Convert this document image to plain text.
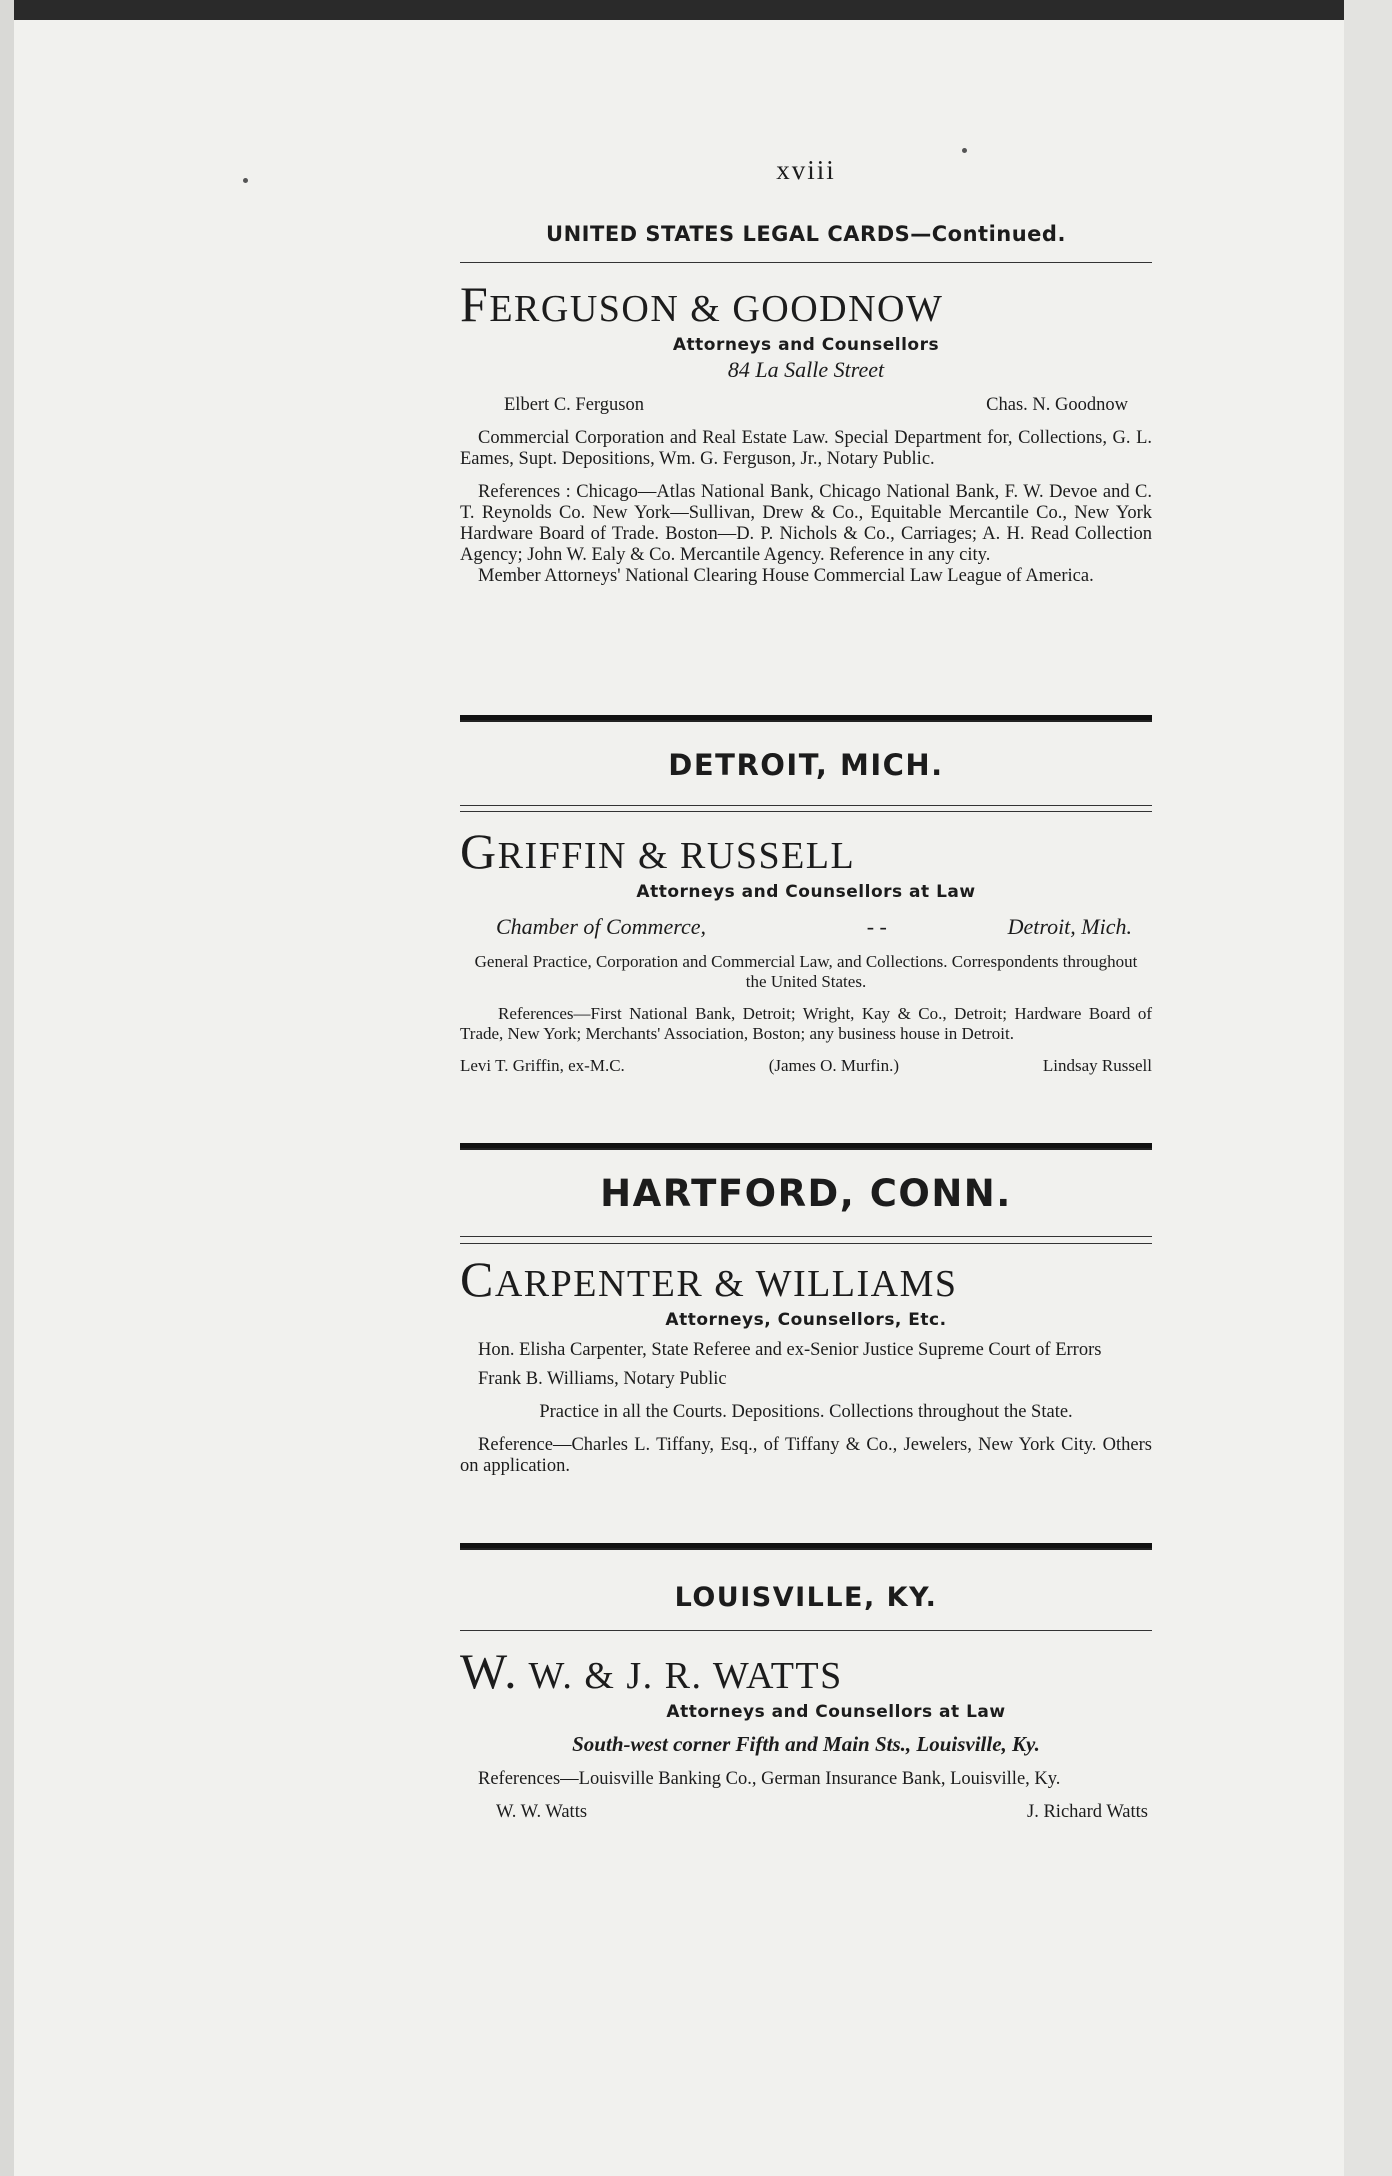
xviii
UNITED STATES LEGAL CARDS—Continued.
FERGUSON & GOODNOW
Attorneys and Counsellors
84 La Salle Street
Elbert C. Ferguson	Chas. N. Goodnow
Commercial Corporation and Real Estate Law. Special Department for, Collections, G. L. Eames, Supt. Depositions, Wm. G. Ferguson, Jr., Notary Public.
References : Chicago—Atlas National Bank, Chicago National Bank, F. W. Devoe and C. T. Reynolds Co. New York—Sullivan, Drew & Co., Equitable Mercantile Co., New York Hardware Board of Trade. Boston—D. P. Nichols & Co., Carriages; A. H. Read Collection Agency; John W. Ealy & Co. Mercantile Agency. Reference in any city.
Member Attorneys' National Clearing House Commercial Law League of America.
DETROIT, MICH.
GRIFFIN & RUSSELL
Attorneys and Counsellors at Law
Chamber of Commerce,	- -	Detroit, Mich.
General Practice, Corporation and Commercial Law, and Collections. Correspondents throughout the United States.
References—First National Bank, Detroit; Wright, Kay & Co., Detroit; Hardware Board of Trade, New York; Merchants' Association, Boston; any business house in Detroit.
Levi T. Griffin, ex-M.C.	(James O. Murfin.)	Lindsay Russell
HARTFORD, CONN.
CARPENTER & WILLIAMS
Attorneys, Counsellors, Etc.
Hon. Elisha Carpenter, State Referee and ex-Senior Justice Supreme Court of Errors
Frank B. Williams, Notary Public
Practice in all the Courts. Depositions. Collections throughout the State.
Reference—Charles L. Tiffany, Esq., of Tiffany & Co., Jewelers, New York City. Others on application.
LOUISVILLE, KY.
W. W. & J. R. WATTS
Attorneys and Counsellors at Law
South-west corner Fifth and Main Sts., Louisville, Ky.
References—Louisville Banking Co., German Insurance Bank, Louisville, Ky.
W. W. Watts	J. Richard Watts
